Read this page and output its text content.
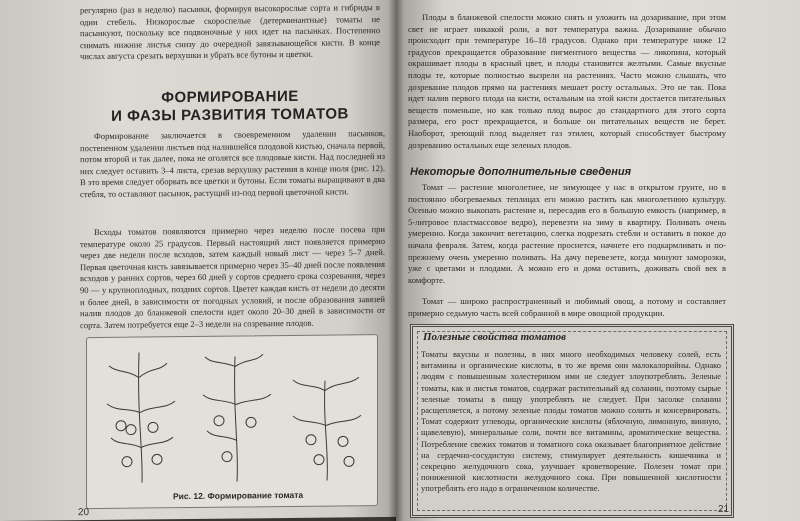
регулярно (раз в неделю) пасынки, формируя высокорослые сорта и гибриды в один стебель. Низкорослые скороспелые (детерминантные) томаты не пасынкуют, поскольку все подвоночные у них идет на пасынках. Постепенно снимать нижние листья снизу до очередной завязывающейся кисти. В конце числах августа срезать верхушки и убрать все бутоны и цветки.

ФОРМИРОВАНИЕ

И ФАЗЫ РАЗВИТИЯ ТОМАТОВ

Формирование заключается в своевременном удалении пасынков, постепенном удалении листьев под налившейся плодовой кистью, сначала первой, потом второй и так далее, пока не оголятся все плодовые кисти. Над последней из них следует оставить 3–4 листа, срезав верхушку растения в конце июля (рис. 12). В это время следует оборвать все цветки и бутоны. Если томаты выращивают в два стебля, то оставляют пасынок, растущий из-под первой цветочной кисти.

Всходы томатов появляются примерно через неделю после посева при температуре около 25 градусов. Первый настоящий лист появляется примерно через две недели после всходов, затем каждый новый лист — через 5–7 дней. Первая цветочная кисть завязывается примерно через 35–40 дней после появления всходов у ранних сортов, через 60 дней у сортов среднего срока созревания, через 90 — у крупноплодных, поздних сортов. Цветет каждая кисть от недели до десяти и более дней, в зависимости от погодных условий, и после образования завязей налив плодов до бланжевой спелости идет около 20–30 дней в зависимости от сорта. Затем потребуется еще 2–3 недели на созревание плодов.

Рис. 12. Формирование томата
20

Плоды в бланжевой спелости можно снять и уложить на дозаривание, при этом свет не играет никакой роли, а вот температура важна. Дозаривание обычно происходит при температуре 16–18 градусов. Однако при температуре ниже 12 градусов прекращается образование пигментного вещества — ликопина, который окрашивает плоды в красный цвет, и плоды становятся желтыми. Самые вкусные плоды те, которые полностью вызрели на растениях. Часто можно слышать, что дозревание плодов прямо на растениях мешает росту остальных. Это не так. Пока идет налив первого плода на кисти, остальным на этой кисти достается питательных веществ поменьше, но как только плод вырос до стандартного для этого сорта размера, его рост прекращается, и больше он питательных веществ не берет. Наоборот, зреющий плод выделяет газ этилен, который способствует быстрому дозреванию остальных еще зеленых плодов.

Некоторые дополнительные сведения

Томат — растение многолетнее, не зимующее у нас в открытом грунте, но в постоянно обогреваемых теплицах его можно растить как многолетнюю культуру. Осенью можно выкопать растение и, пересадив его в большую емкость (например, в 5-литровое пластмассовое ведро), перевезти на зиму в квартиру. Поливать очень умеренно. Когда закончит вегетацию, слегка подрезать стебли и оставить в покое до начала февраля. Затем, когда растение проснется, начнете его подкармливать и по-прежнему очень умеренно поливать. На дачу перевезете, когда минуют заморозки, уже с цветами и плодами. А можно его и дома оставить, доживать свой век в комфорте.

Томат — широко распространенный и любимый овощ, а потому и составляет примерно седьмую часть всей собранной в мире овощной продукции.

Полезные свойства томатов

Томаты вкусны и полезны, в них много необходимых человеку солей, есть витамины и органические кислоты, в то же время они малокалорийны. Однако людям с повышенным холестерином ими не следует злоупотреблять. Зеленые томаты, как и листья томатов, содержат растительный яд соланин, поэтому сырые зеленые томаты в пищу употреблять не следует. При засолке соланин расщепляется, а потому зеленые плоды томатов можно солить и консервировать. Томат содержит углеводы, органические кислоты (яблочную, лимонную, винную, щавелевую), минеральные соли, почти все витамины, ароматические вещества. Потребление свежих томатов и томатного сока оказывает благоприятное действие на сердечно-сосудистую систему, стимулирует деятельность кишечника и секрецию желудочного сока, улучшает кроветворение. Полезен томат при пониженной кислотности желудочного сока. При повышенной кислотности употреблять его надо в ограниченном количестве.

21
